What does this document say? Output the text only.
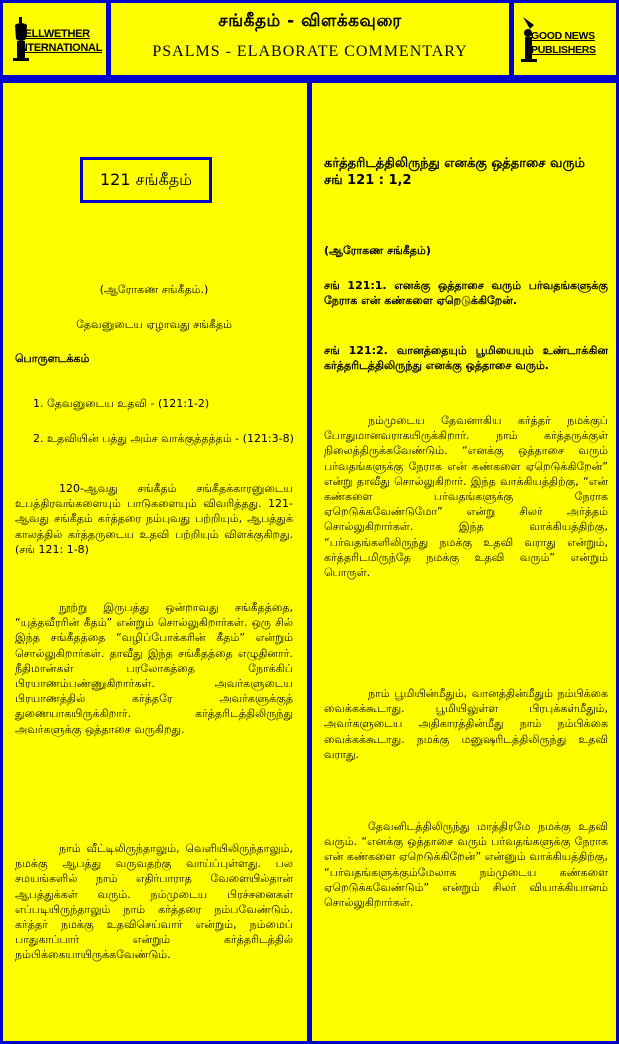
BELLWETHER
INTERNATIONAL
சங்கீதம் - விளக்கவுரை
PSALMS - ELABORATE COMMENTARY
GOOD NEWS
PUBLISHERS
121 சங்கீதம்

(ஆரோகண சங்கீதம்.)

தேவனுடைய ஏழாவது சங்கீதம்

பொருளடக்கம்

1. தேவனுடைய உதவி - (121:1-2)

2. உதவியின் பத்து அம்ச வாக்குத்தத்தம் - (121:3-8)

120-ஆவது சங்கீதம் சங்கீதக்காரனுடைய உபத்திரவங்களையும் பாடுகளையும் விவரித்தது. 121-ஆவது சங்கீதம் கர்த்தரை நம்புவது பற்றியும், ஆபத்துக் காலத்தில் கர்த்தருடைய உதவி பற்றியும் விளக்குகிறது. (சங் 121: 1-8)

நூற்று இருபத்து ஒன்றாவது சங்கீதத்தை, “யுத்தவீரரின் கீதம்” என்றும் சொல்லுகிறார்கள். ஒரு சில் இந்த சங்கீதத்தை “வழிப்போக்கரின் கீதம்” என்றும் சொல்லுகிறார்கள். தாவீது இந்த சங்கீதத்தை எழுதினார். நீதிமான்கள் பரலோகத்தை நோக்கிப் பிரயாணம்பண்ணுகிறார்கள். அவர்களுடைய பிரயாணத்தில் கர்த்தரே அவர்களுக்குத் துணையாகயிருக்கிறார். கர்த்தரிடத்திலிருந்து அவர்களுக்கு ஒத்தாசை வருகிறது.

நாம் வீட்டிலிருந்தாலும், வெளியிலிருந்தாலும், நமக்கு ஆபத்து வருவதற்கு வாய்ப்புள்ளது. பல சமயங்களில் நாம் எதிர்பாராத வேளையில்தான் ஆபத்துக்கள் வரும். நம்முடைய பிரச்சனைகள் எப்படியிருந்தாலும் நாம் கர்த்தரை நம்பவேண்டும். கர்த்தர் நமக்கு உதவிசெய்வார் என்றும், நம்மைப் பாதுகாப்பார் என்றும் கர்த்தரிடத்தில் நம்பிக்கையாயிருக்கவேண்டும்.

கர்த்தரிடத்திலிருந்து எனக்கு ஒத்தாசை வரும் சங் 121 : 1,2

(ஆரோகண சங்கீதம்)

சங் 121:1. எனக்கு ஒத்தாசை வரும் பர்வதங்களுக்கு நேராக என் கண்களை ஏறெடுக்கிறேன்.

சங் 121:2. வானத்தையும் பூமியையும் உண்டாக்கின கர்த்தரிடத்திலிருந்து எனக்கு ஒத்தாசை வரும்.

நம்முடைய தேவனாகிய கர்த்தர் நமக்குப் போதுமானவராகயிருக்கிறார். நாம் கர்த்தருக்குள் நிலைத்திருக்கவேண்டும். “எனக்கு ஒத்தாசை வரும் பர்வதங்களுக்கு நேராக என் கண்களை ஏறெடுக்கிறேன்” என்று தாவீது சொல்லுகிறார். இந்த வாக்கியத்திற்கு, “என் கண்களை பர்வதங்களுக்கு நேராக ஏறெடுக்கவேண்டுமோ” என்று சிலர் அர்த்தம் சொல்லுகிறார்கள். இந்த வாக்கியத்திற்கு, “பர்வதங்களிலிருந்து நமக்கு உதவி வராது என்றும், கர்த்தரிடமிருந்தே நமக்கு உதவி வரும்” என்றும் பொருள்.

நாம் பூமியின்மீதும், வானத்தின்மீதும் நம்பிக்கை வைக்கக்கூடாது. பூமியிலுள்ள பிரபுக்கள்மீதும், அவர்களுடைய அதிகாரத்தின்மீது நாம் நம்பிக்கை வைக்கக்கூடாது. நமக்கு மனுஷரிடத்திலிருந்து உதவி வராது.

தேவனிடத்திலிருந்து மாத்திரமே நமக்கு உதவி வரும். “எனக்கு ஒத்தாசை வரும் பர்வதங்களுக்கு நேராக என் கண்களை ஏறெடுக்கிறேன்” என்னும் வாக்கியத்திற்கு, “பர்வதங்களுக்கும்மேலாக நம்முடைய கண்களை ஏறெடுக்கவேண்டும்” என்றும் சிலர் வியாக்கியானம் சொல்லுகிறார்கள்.
